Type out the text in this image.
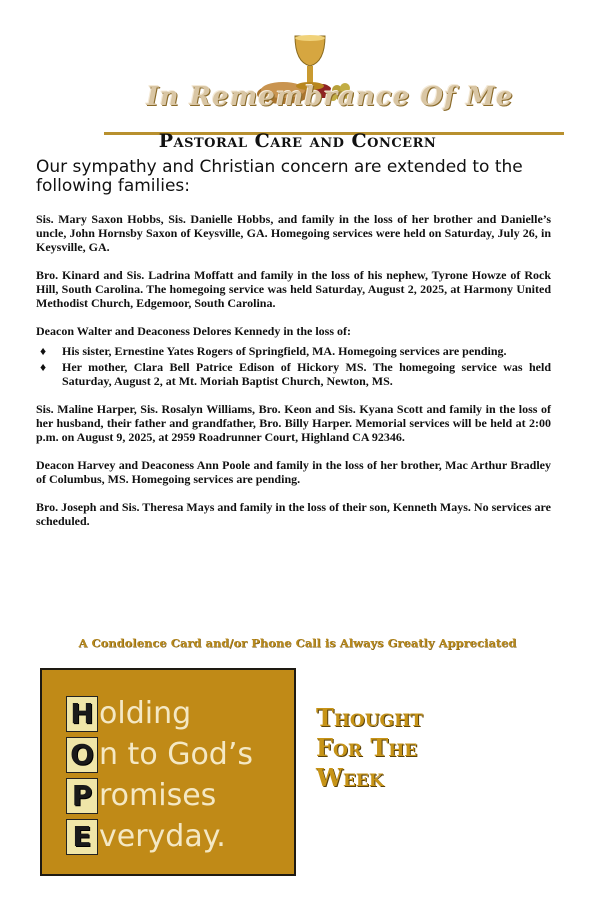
In Remembrance Of Me
Pastoral Care and Concern
Our sympathy and Christian concern are extended to the following families:

Sis. Mary Saxon Hobbs, Sis. Danielle Hobbs, and family in the loss of her brother and Danielle’s uncle, John Hornsby Saxon of Keysville, GA. Homegoing services were held on Saturday, July 26, in Keysville, GA.

Bro. Kinard and Sis. Ladrina Moffatt and family in the loss of his nephew, Tyrone Howze of Rock Hill, South Carolina. The homegoing service was held Saturday, August 2, 2025, at Harmony United Methodist Church, Edgemoor, South Carolina.

Deacon Walter and Deaconess Delores Kennedy in the loss of:

♦ His sister, Ernestine Yates Rogers of Springfield, MA. Homegoing services are pending.
♦ Her mother, Clara Bell Patrice Edison of Hickory MS. The homegoing service was held Saturday, August 2, at Mt. Moriah Baptist Church, Newton, MS.

Sis. Maline Harper, Sis. Rosalyn Williams, Bro. Keon and Sis. Kyana Scott and family in the loss of her husband, their father and grandfather, Bro. Billy Harper. Memorial services will be held at 2:00 p.m. on August 9, 2025, at 2959 Roadrunner Court, Highland CA 92346.

Deacon Harvey and Deaconess Ann Poole and family in the loss of her brother, Mac Arthur Bradley of Columbus, MS. Homegoing services are pending.

Bro. Joseph and Sis. Theresa Mays and family in the loss of their son, Kenneth Mays. No services are scheduled.

A Condolence Card and/or Phone Call is Always Greatly Appreciated
H olding
O n to God’s
P romises
E veryday.
Thought
For The
Week
